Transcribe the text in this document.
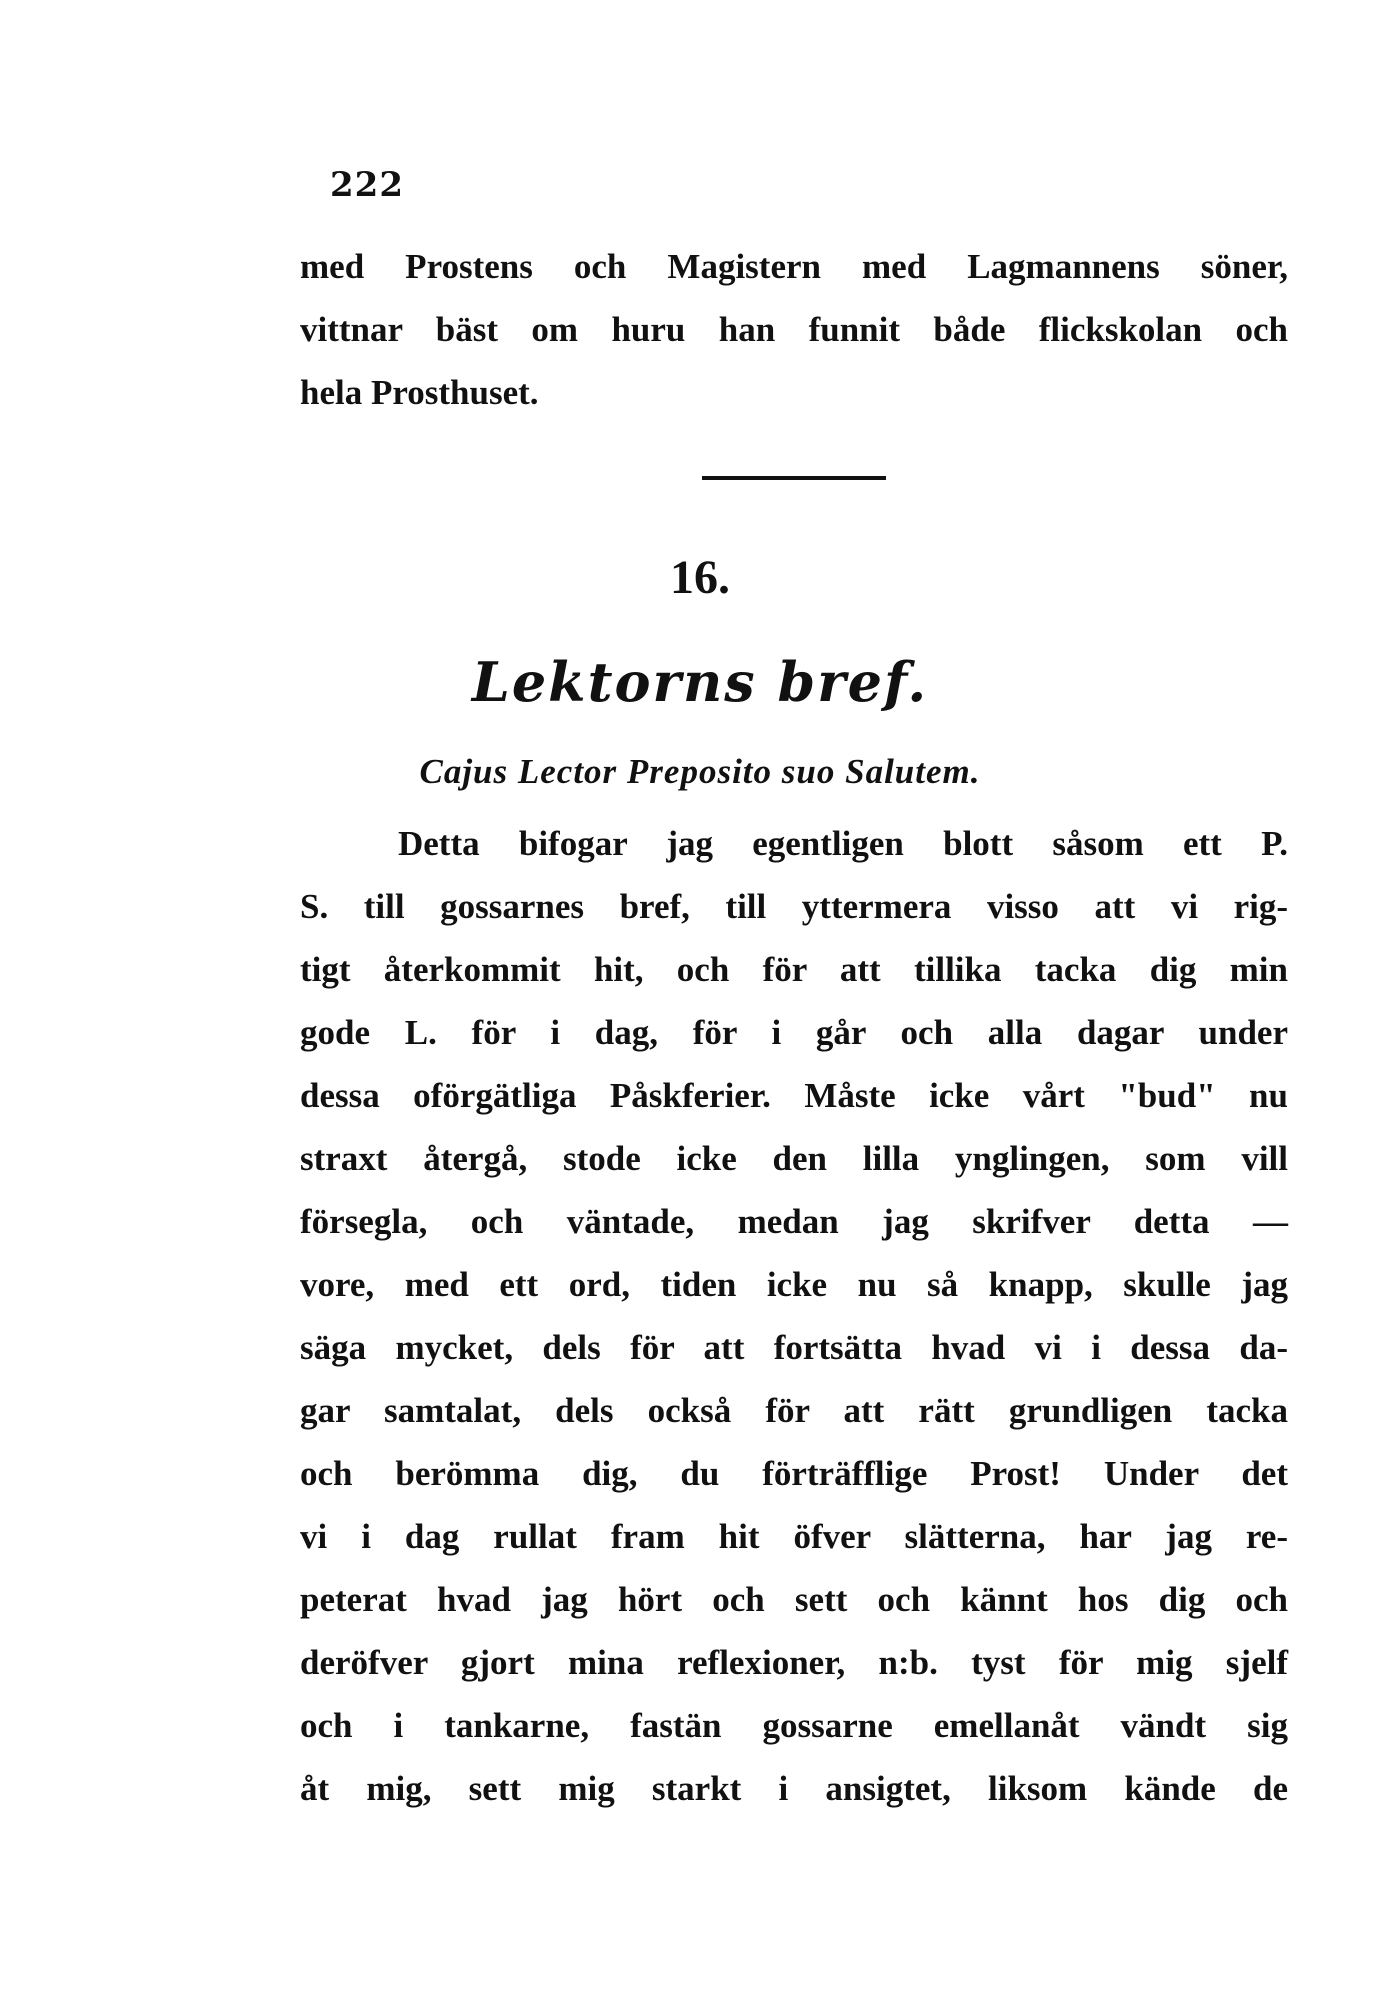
222
med Prostens och Magistern med Lagmannens söner,
vittnar bäst om huru han funnit både flickskolan och
hela Prosthuset.
16.
Lektorns bref.
Cajus Lector Preposito suo Salutem.
Detta bifogar jag egentligen blott såsom ett P.
S. till gossarnes bref, till yttermera visso att vi rig-
tigt återkommit hit, och för att tillika tacka dig min
gode L. för i dag, för i går och alla dagar under
dessa oförgätliga Påskferier. Måste icke vårt "bud" nu
straxt återgå, stode icke den lilla ynglingen, som vill
försegla, och väntade, medan jag skrifver detta —
vore, med ett ord, tiden icke nu så knapp, skulle jag
säga mycket, dels för att fortsätta hvad vi i dessa da-
gar samtalat, dels också för att rätt grundligen tacka
och berömma dig, du förträfflige Prost! Under det
vi i dag rullat fram hit öfver slätterna, har jag re-
peterat hvad jag hört och sett och kännt hos dig och
deröfver gjort mina reflexioner, n:b. tyst för mig sjelf
och i tankarne, fastän gossarne emellanåt vändt sig
åt mig, sett mig starkt i ansigtet, liksom kände de
